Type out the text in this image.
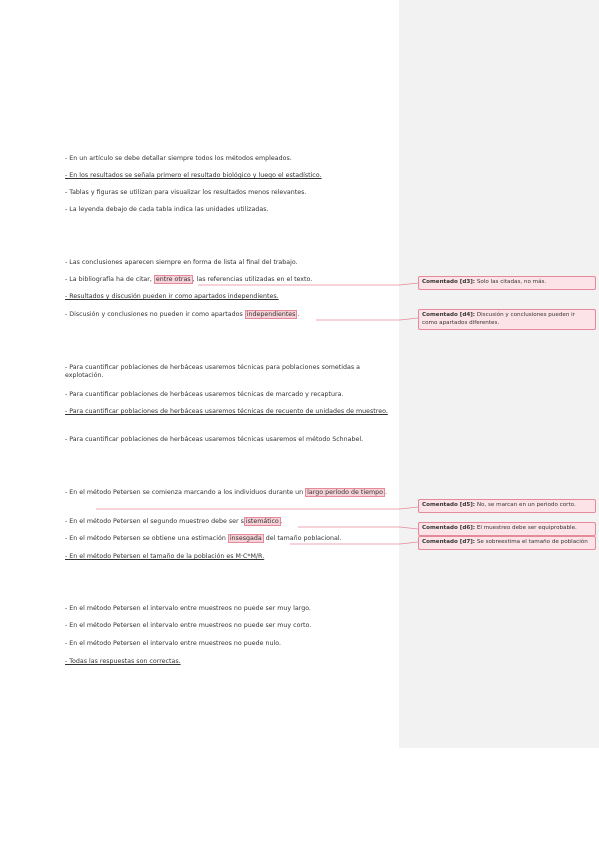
- En un artículo se debe detallar siempre todos los métodos empleados.
- En los resultados se señala primero el resultado biológico y luego el estadístico.
- Tablas y figuras se utilizan para visualizar los resultados menos relevantes.
- La leyenda debajo de cada tabla indica las unidades utilizadas.
- Las conclusiones aparecen siempre en forma de lista al final del trabajo.
- La bibliografía ha de citar, entre otras , las referencias utilizadas en el texto.
- Resultados y discusión pueden ir como apartados independientes.
- Discusión y conclusiones no pueden ir como apartados independientes .
- Para cuantificar poblaciones de herbáceas usaremos técnicas para poblaciones sometidas a explotación.
- Para cuantificar poblaciones de herbáceas usaremos técnicas de marcado y recaptura.
- Para cuantificar poblaciones de herbáceas usaremos técnicas de recuento de unidades de muestreo.
- Para cuantificar poblaciones de herbáceas usaremos técnicas usaremos el método Schnabel.
- En el método Petersen se comienza marcando a los individuos durante un largo período de tiempo .
- En el método Petersen el segundo muestreo debe ser s istemático .
- En el método Petersen se obtiene una estimación insesgada del tamaño poblacional.
- En el método Petersen el tamaño de la población es M·C*M/R.
- En el método Petersen el intervalo entre muestreos no puede ser muy largo.
- En el método Petersen el intervalo entre muestreos no puede ser muy corto.
- En el método Petersen el intervalo entre muestreos no puede nulo.
- Todas las respuestas son correctas.
Comentado [d3]: Solo las citadas, no más.
Comentado [d4]: Discusión y conclusiones pueden ir como apartados diferentes.
Comentado [d5]: No, se marcan en un periodo corto.
Comentado [d6]: El muestreo debe ser equiprobable.
Comentado [d7]: Se sobreestima el tamaño de población
